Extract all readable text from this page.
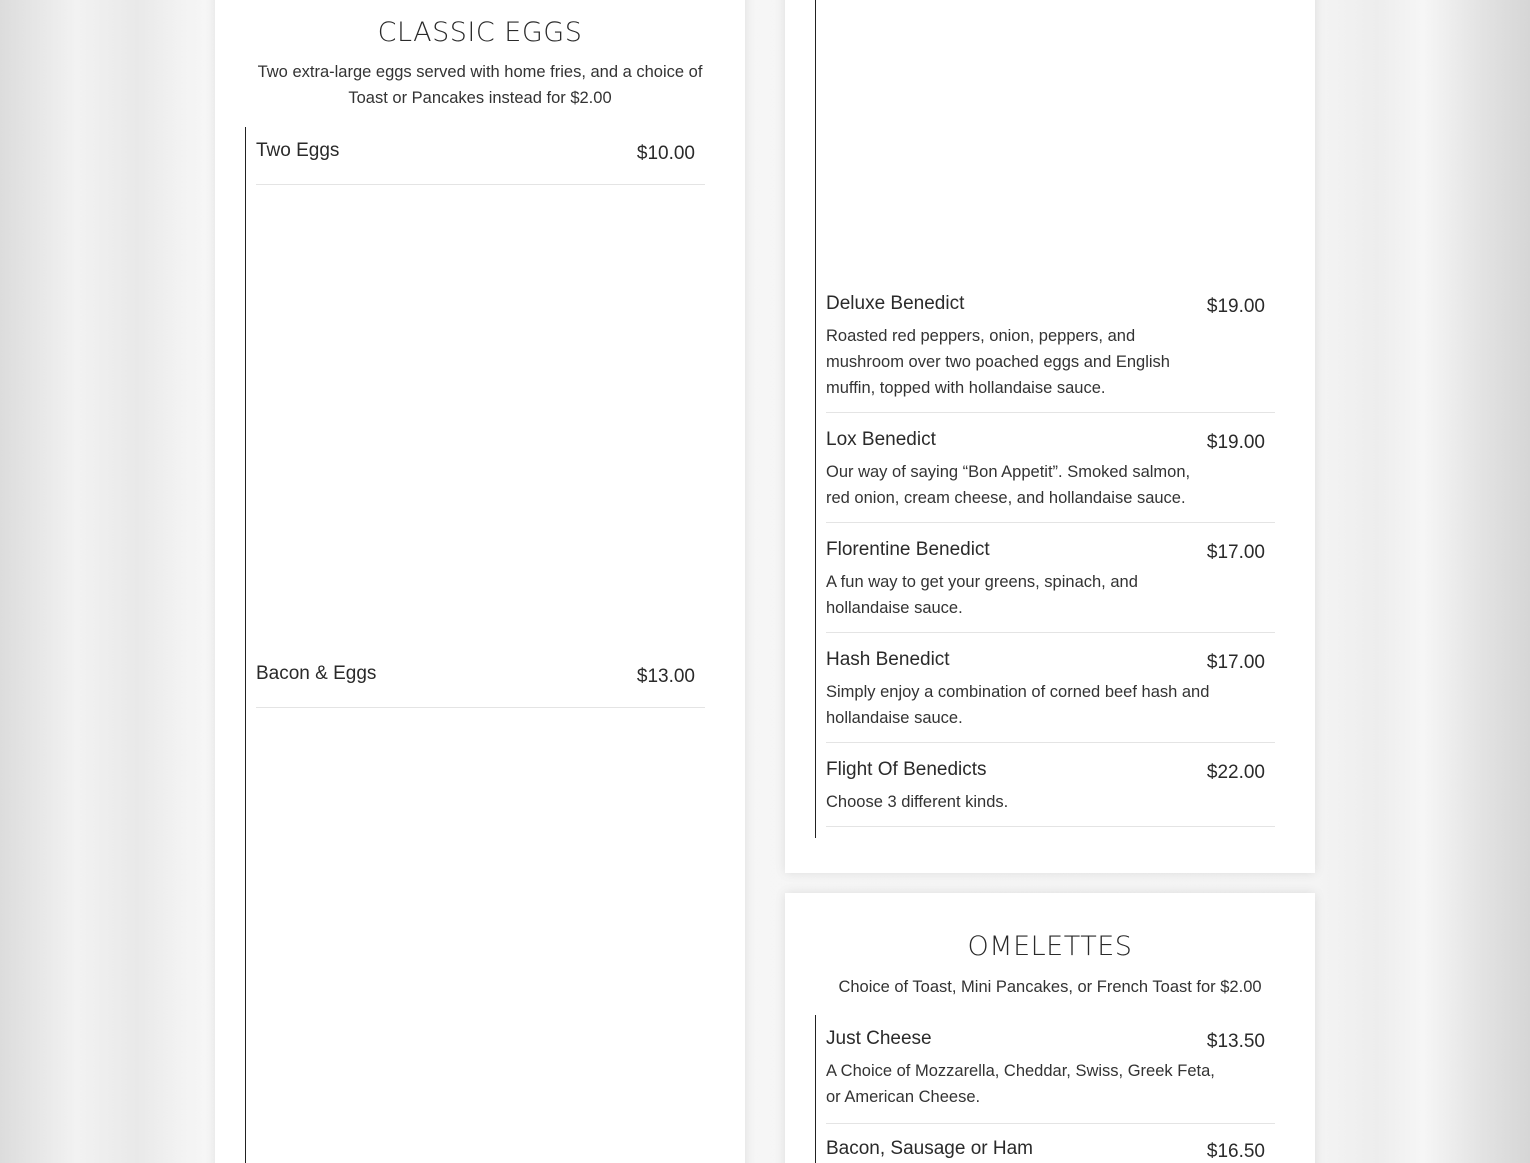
CLASSIC EGGS

Two extra-large eggs served with home fries, and a choice of Toast or Pancakes instead for $2.00

Two Eggs	$10.00
Bacon & Eggs	$13.00
Deluxe Benedict	$19.00
Roasted red peppers, onion, peppers, and mushroom over two poached eggs and English muffin, topped with hollandaise sauce.
Lox Benedict	$19.00
Our way of saying “Bon Appetit”. Smoked salmon, red onion, cream cheese, and hollandaise sauce.
Florentine Benedict	$17.00
A fun way to get your greens, spinach, and hollandaise sauce.
Hash Benedict	$17.00
Simply enjoy a combination of corned beef hash and hollandaise sauce.
Flight Of Benedicts	$22.00
Choose 3 different kinds.
OMELETTES

Choice of Toast, Mini Pancakes, or French Toast for $2.00

Just Cheese	$13.50
A Choice of Mozzarella, Cheddar, Swiss, Greek Feta, or American Cheese.
Bacon, Sausage or Ham	$16.50
